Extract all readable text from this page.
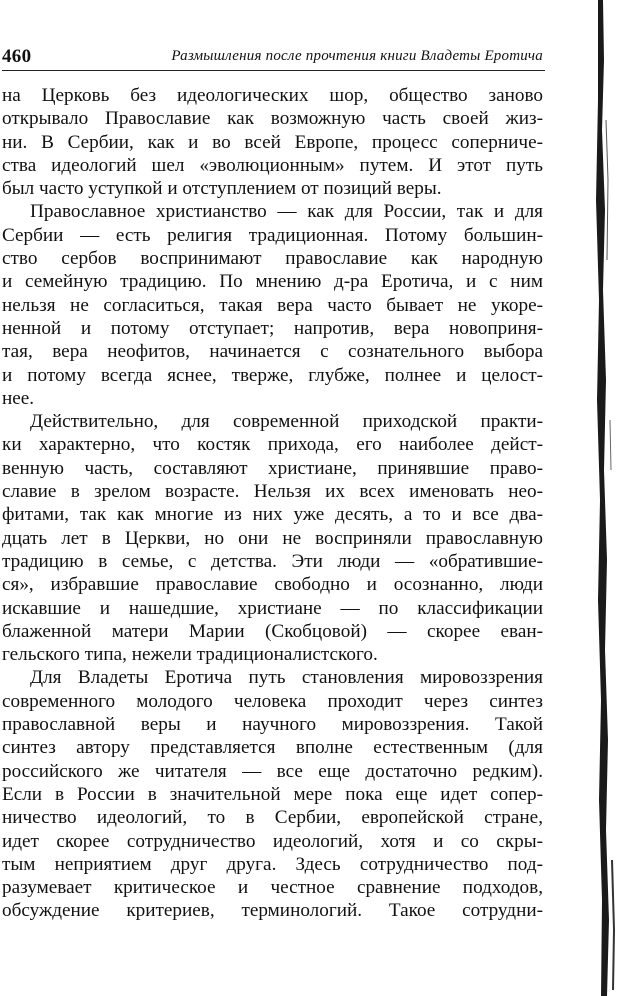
460	Размышления после прочтения книги Владеты Еротича
на Церковь без идеологических шор, общество заново
открывало Православие как возможную часть своей жиз-
ни. В Сербии, как и во всей Европе, процесс соперниче-
ства идеологий шел «эволюционным» путем. И этот путь
был часто уступкой и отступлением от позиций веры.
Православное христианство — как для России, так и для
Сербии — есть религия традиционная. Потому большин-
ство сербов воспринимают православие как народную
и семейную традицию. По мнению д-ра Еротича, и с ним
нельзя не согласиться, такая вера часто бывает не укоре-
ненной и потому отступает; напротив, вера новоприня-
тая, вера неофитов, начинается с сознательного выбора
и потому всегда яснее, тверже, глубже, полнее и целост-
нее.
Действительно, для современной приходской практи-
ки характерно, что костяк прихода, его наиболее дейст-
венную часть, составляют христиане, принявшие право-
славие в зрелом возрасте. Нельзя их всех именовать нео-
фитами, так как многие из них уже десять, а то и все два-
дцать лет в Церкви, но они не восприняли православную
традицию в семье, с детства. Эти люди — «обратившие-
ся», избравшие православие свободно и осознанно, люди
искавшие и нашедшие, христиане — по классификации
блаженной матери Марии (Скобцовой) — скорее еван-
гельского типа, нежели традиционалистского.
Для Владеты Еротича путь становления мировоззрения
современного молодого человека проходит через синтез
православной веры и научного мировоззрения. Такой
синтез автору представляется вполне естественным (для
российского же читателя — все еще достаточно редким).
Если в России в значительной мере пока еще идет сопер-
ничество идеологий, то в Сербии, европейской стране,
идет скорее сотрудничество идеологий, хотя и со скры-
тым неприятием друг друга. Здесь сотрудничество под-
разумевает критическое и честное сравнение подходов,
обсуждение критериев, терминологий. Такое сотрудни-
